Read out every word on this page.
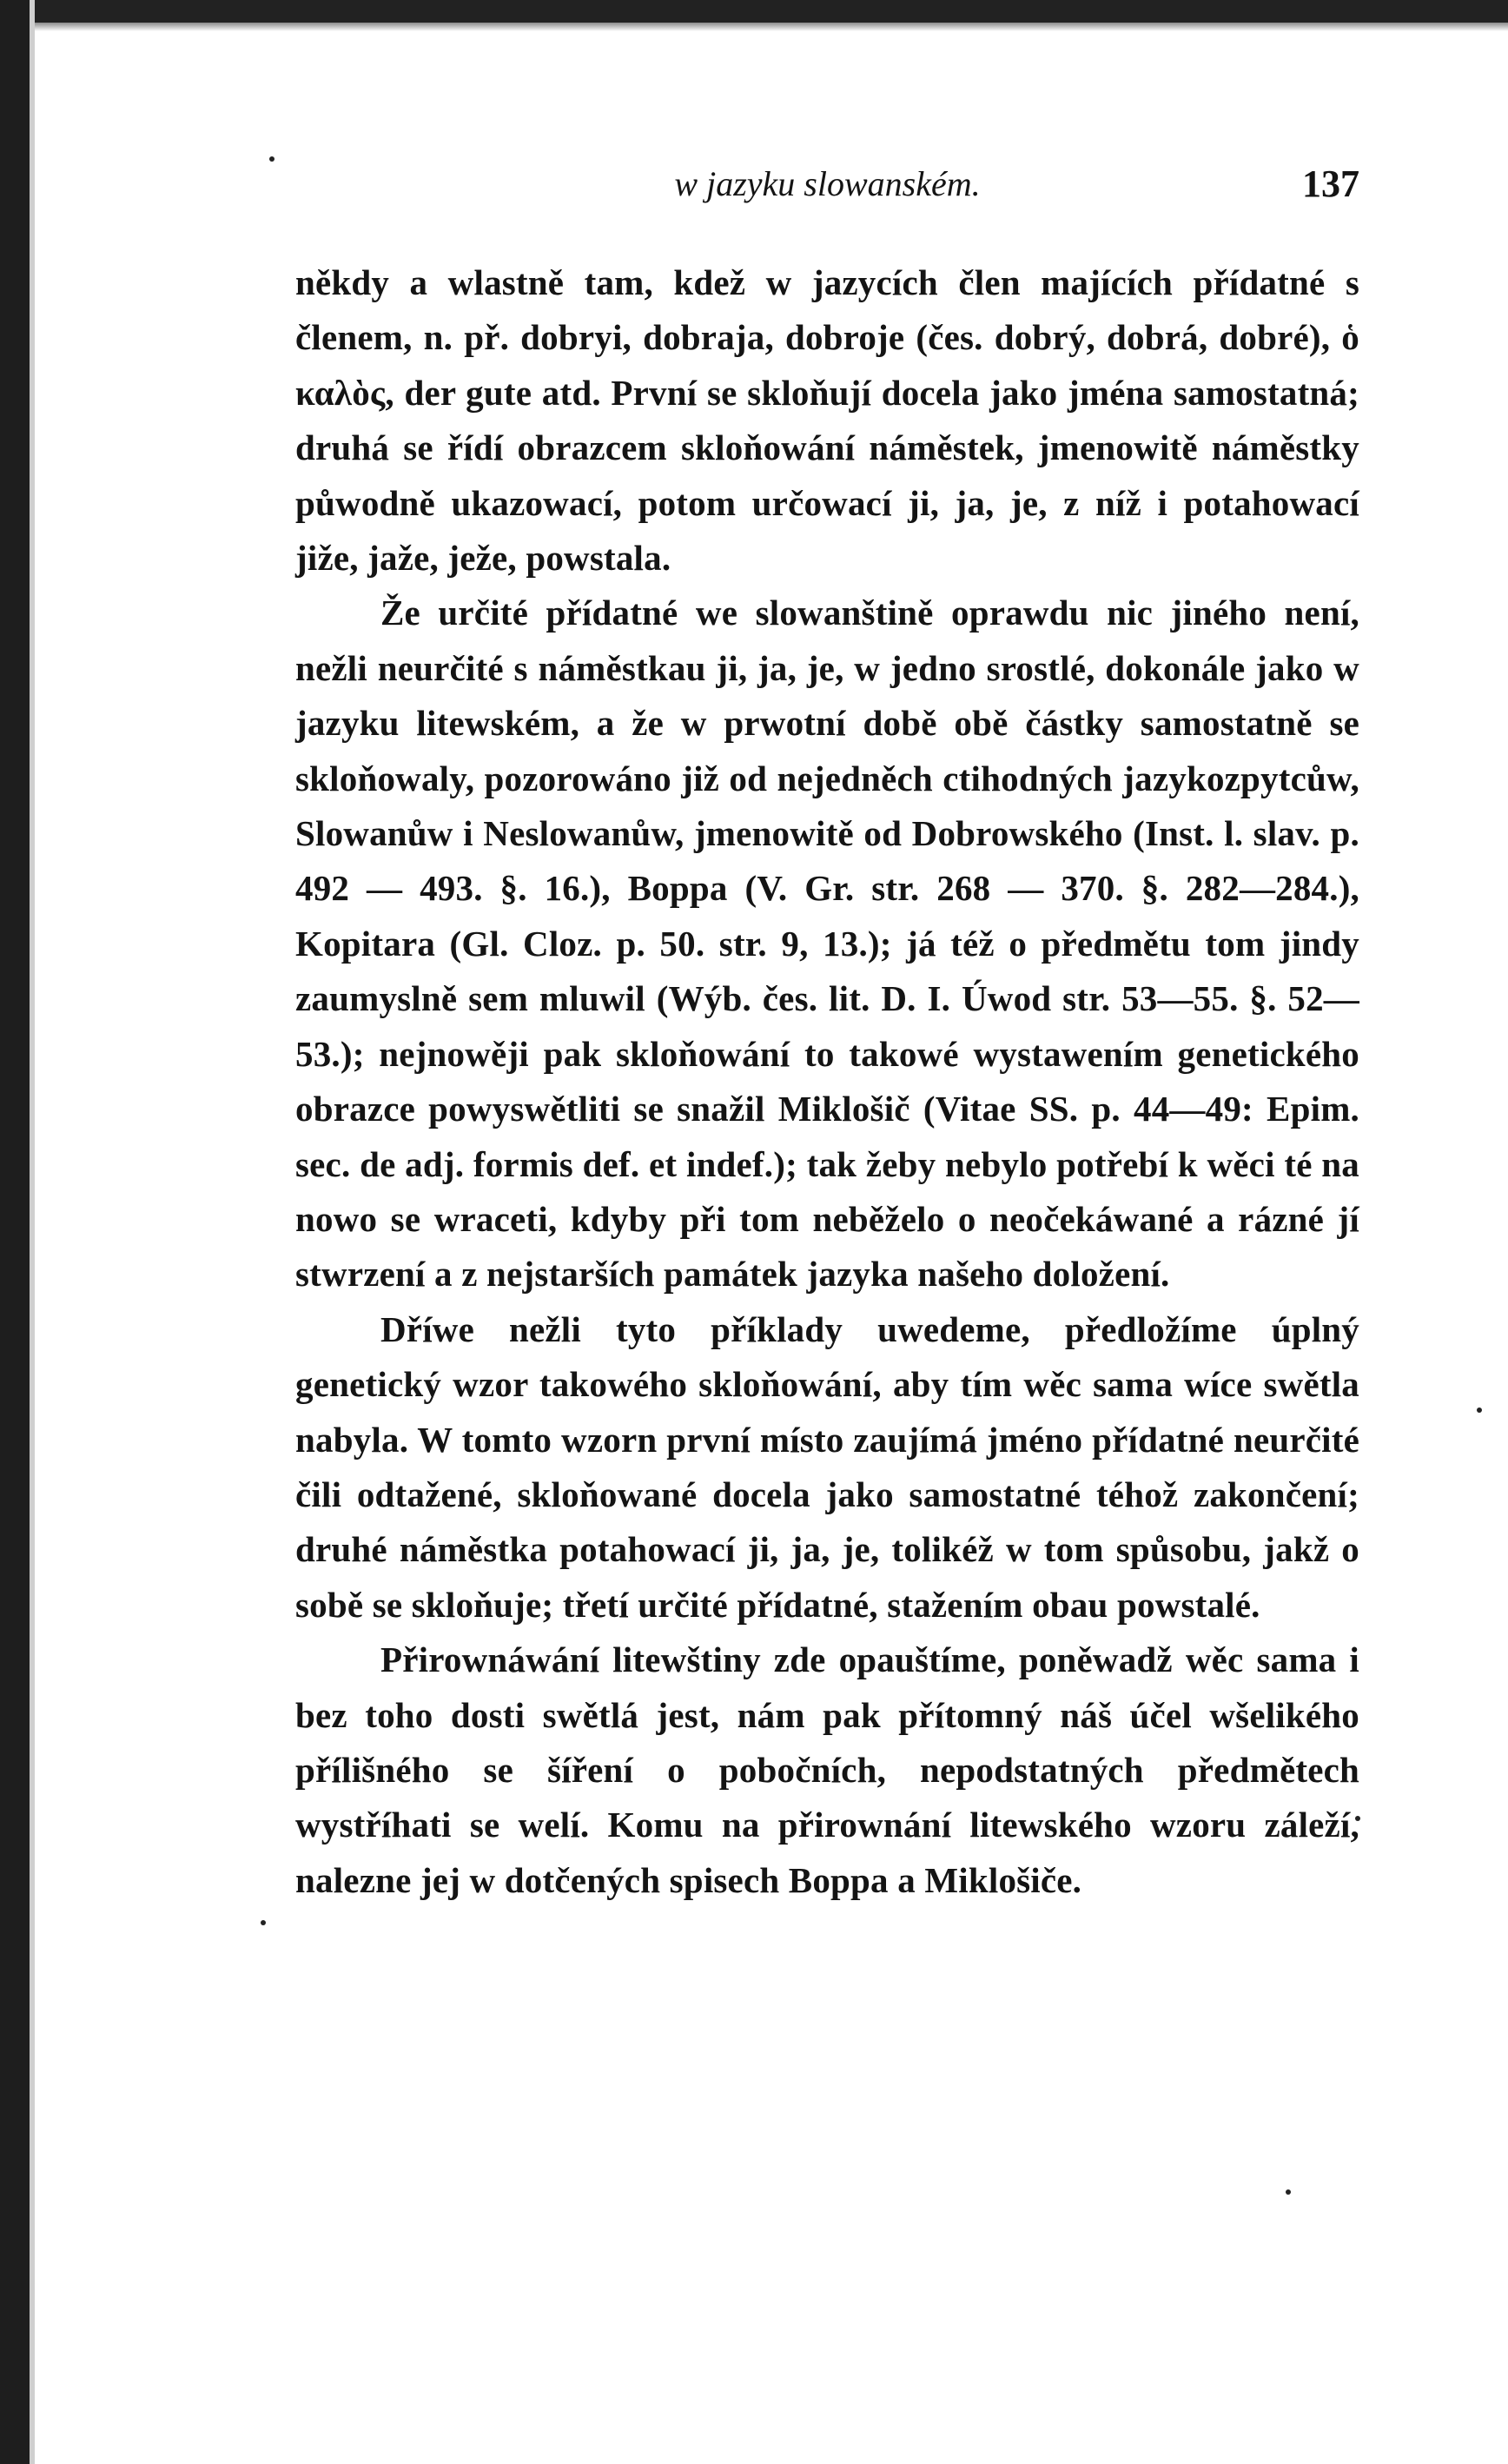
w jazyku slowanském.	137

někdy a wlastně tam, kdež w jazycích člen majících přídatné s členem, n. př. dobryi, dobraja, dobroje (čes. dobrý, dobrá, dobré), ὁ καλὸς, der gute atd. První se skloňují docela jako jména samostatná; druhá se řídí obrazcem skloňowání náměstek, jmenowitě náměstky půwodně ukazowací, potom určowací ji, ja, je, z níž i potahowací jiže, jaže, ježe, powstala.

Že určité přídatné we slowanštině oprawdu nic jiného není, nežli neurčité s náměstkau ji, ja, je, w jedno srostlé, dokonále jako w jazyku litewském, a že w prwotní době obě částky samostatně se skloňowaly, pozorowáno již od nejedněch ctihodných jazykozpytcůw, Slowanůw i Neslowanůw, jmenowitě od Dobrowského (Inst. l. slav. p. 492 — 493. §. 16.), Boppa (V. Gr. str. 268 — 370. §. 282—284.), Kopitara (Gl. Cloz. p. 50. str. 9, 13.); já též o předmětu tom jindy zaumyslně sem mluwil (Wýb. čes. lit. D. I. Úwod str. 53—55. §. 52—53.); nejnowěji pak skloňowání to takowé wystawením genetického obrazce powyswětliti se snažil Miklošič (Vitae SS. p. 44—49: Epim. sec. de adj. formis def. et indef.); tak žeby nebylo potřebí k wěci té na nowo se wraceti, kdyby při tom neběželo o neočekáwané a rázné jí stwrzení a z nejstarších památek jazyka našeho doložení.

Dříwe nežli tyto příklady uwedeme, předložíme úplný genetický wzor takowého skloňowání, aby tím wěc sama wíce swětla nabyla. W tomto wzorn první místo zaujímá jméno přídatné neurčité čili odtažené, skloňowané docela jako samostatné téhož zakončení; druhé náměstka potahowací ji, ja, je, tolikéž w tom spůsobu, jakž o sobě se skloňuje; třetí určité přídatné, stažením obau powstalé.

Přirownáwání litewštiny zde opauštíme, poněwadž wěc sama i bez toho dosti swětlá jest, nám pak přítomný náš účel wšelikého přílišného se šíření o pobočních, nepodstatných předmětech wystříhati se welí. Komu na přirownání litewského wzoru záleží, nalezne jej w dotčených spisech Boppa a Miklošiče.
